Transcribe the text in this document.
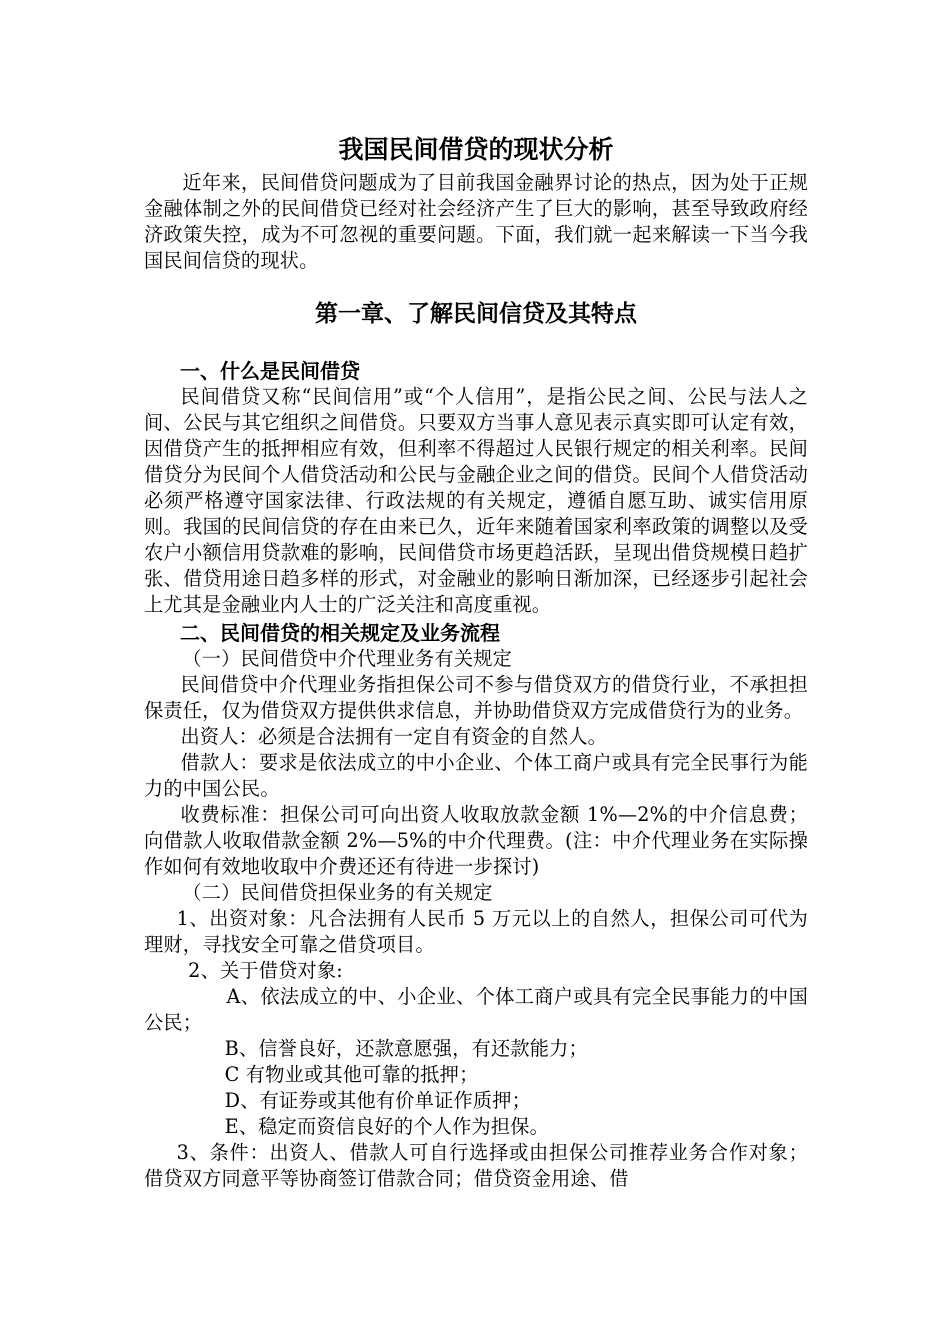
我国民间借贷的现状分析

近年来，民间借贷问题成为了目前我国金融界讨论的热点，因为处于正规金融体制之外的民间借贷已经对社会经济产生了巨大的影响，甚至导致政府经济政策失控，成为不可忽视的重要问题。下面，我们就一起来解读一下当今我国民间信贷的现状。

第一章、了解民间信贷及其特点
一、什么是民间借贷

民间借贷又称“民间信用”或“个人信用”，是指公民之间、公民与法人之间、公民与其它组织之间借贷。只要双方当事人意见表示真实即可认定有效，因借贷产生的抵押相应有效，但利率不得超过人民银行规定的相关利率。民间借贷分为民间个人借贷活动和公民与金融企业之间的借贷。民间个人借贷活动必须严格遵守国家法律、行政法规的有关规定，遵循自愿互助、诚实信用原则。我国的民间信贷的存在由来已久，近年来随着国家利率政策的调整以及受农户小额信用贷款难的影响，民间借贷市场更趋活跃，呈现出借贷规模日趋扩张、借贷用途日趋多样的形式，对金融业的影响日渐加深，已经逐步引起社会上尤其是金融业内人士的广泛关注和高度重视。

二、民间借贷的相关规定及业务流程

（一）民间借贷中介代理业务有关规定

民间借贷中介代理业务指担保公司不参与借贷双方的借贷行业，不承担担保责任，仅为借贷双方提供供求信息，并协助借贷双方完成借贷行为的业务。

出资人：必须是合法拥有一定自有资金的自然人。

借款人：要求是依法成立的中小企业、个体工商户或具有完全民事行为能力的中国公民。

收费标准：担保公司可向出资人收取放款金额 1%—2%的中介信息费；向借款人收取借款金额 2%—5%的中介代理费。(注：中介代理业务在实际操作如何有效地收取中介费还还有待进一步探讨)

（二）民间借贷担保业务的有关规定

1、出资对象：凡合法拥有人民币 5 万元以上的自然人，担保公司可代为理财，寻找安全可靠之借贷项目。

2、关于借贷对象:

A、依法成立的中、小企业、个体工商户或具有完全民事能力的中国公民；

B、信誉良好，还款意愿强，有还款能力；

C 有物业或其他可靠的抵押；

D、有证券或其他有价单证作质押；

E、稳定而资信良好的个人作为担保。

3、条件：出资人、借款人可自行选择或由担保公司推荐业务合作对象；借贷双方同意平等协商签订借款合同；借贷资金用途、借
